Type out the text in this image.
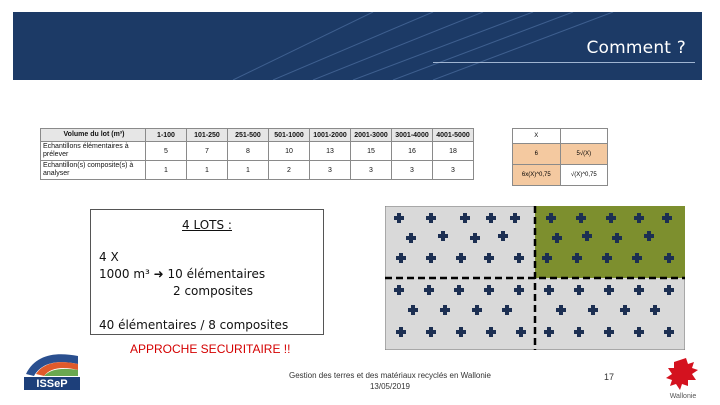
Comment ?
Volume du lot (m³)	1-100	101-250	251-500	501-1000	1001-2000	2001-3000	3001-4000	4001-5000
Echantillons élémentaires à prélever	5	7	8	10	13	15	16	18
Echantillon(s) composite(s) à analyser	1	1	1	2	3	3	3	3
X	
6	5√(X)
6x(X)^0,75	√(X)^0,75
4 LOTS :
4 X
1000 m³ ➜ 10 élémentaires
2 composites
40 élémentaires / 8 composites
APPROCHE SECURITAIRE !!
ISSeP
Gestion des terres et des matériaux recyclés en Wallonie
13/05/2019
17
Wallonie
